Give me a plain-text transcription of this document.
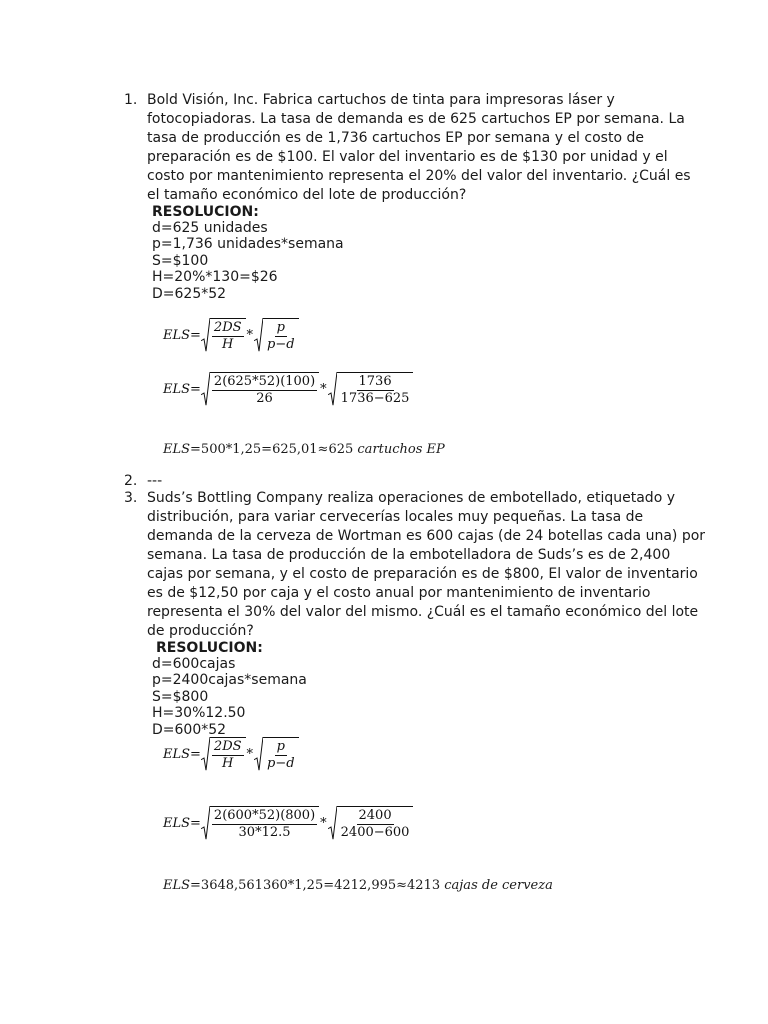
1. Bold Visión, Inc. Fabrica cartuchos de tinta para impresoras láser y fotocopiadoras. La tasa de demanda es de 625 cartuchos EP por semana. La tasa de producción es de 1,736 cartuchos EP por semana y el costo de preparación es de $100. El valor del inventario es de $130 por unidad y el costo por mantenimiento representa el 20% del valor del inventario. ¿Cuál es el tamaño económico del lote de producción?
RESOLUCION:
d=625 unidades
p=1,736 unidades*semana
S=$100
H=20%*130=$26
D=625*52
$ELS= \frac{2DS}{H} * \frac{p}{p-d}$
$ELS= \frac{2(625*52)(100)}{26} * \frac{1736}{1736-625}$
ELS=500*1,25=625,01≈625 cartuchos EP
2. ---
3. Suds’s Bottling Company realiza operaciones de embotellado, etiquetado y distribución, para variar cervecerías locales muy pequeñas. La tasa de demanda de la cerveza de Wortman es 600 cajas (de 24 botellas cada una) por semana. La tasa de producción de la embotelladora de Suds’s es de 2,400 cajas por semana, y el costo de preparación es de $800, El valor de inventario es de $12,50 por caja y el costo anual por mantenimiento de inventario representa el 30% del valor del mismo. ¿Cuál es el tamaño económico del lote de producción?
RESOLUCION:
d=600cajas
p=2400cajas*semana
S=$800
H=30%12.50
D=600*52
$ELS= \frac{2DS}{H} * \frac{p}{p-d}$
$ELS= \frac{2(600*52)(800)}{30*12.5} * \frac{2400}{2400-600}$
ELS=3648,561360*1,25=4212,995≈4213 cajas de cerveza
